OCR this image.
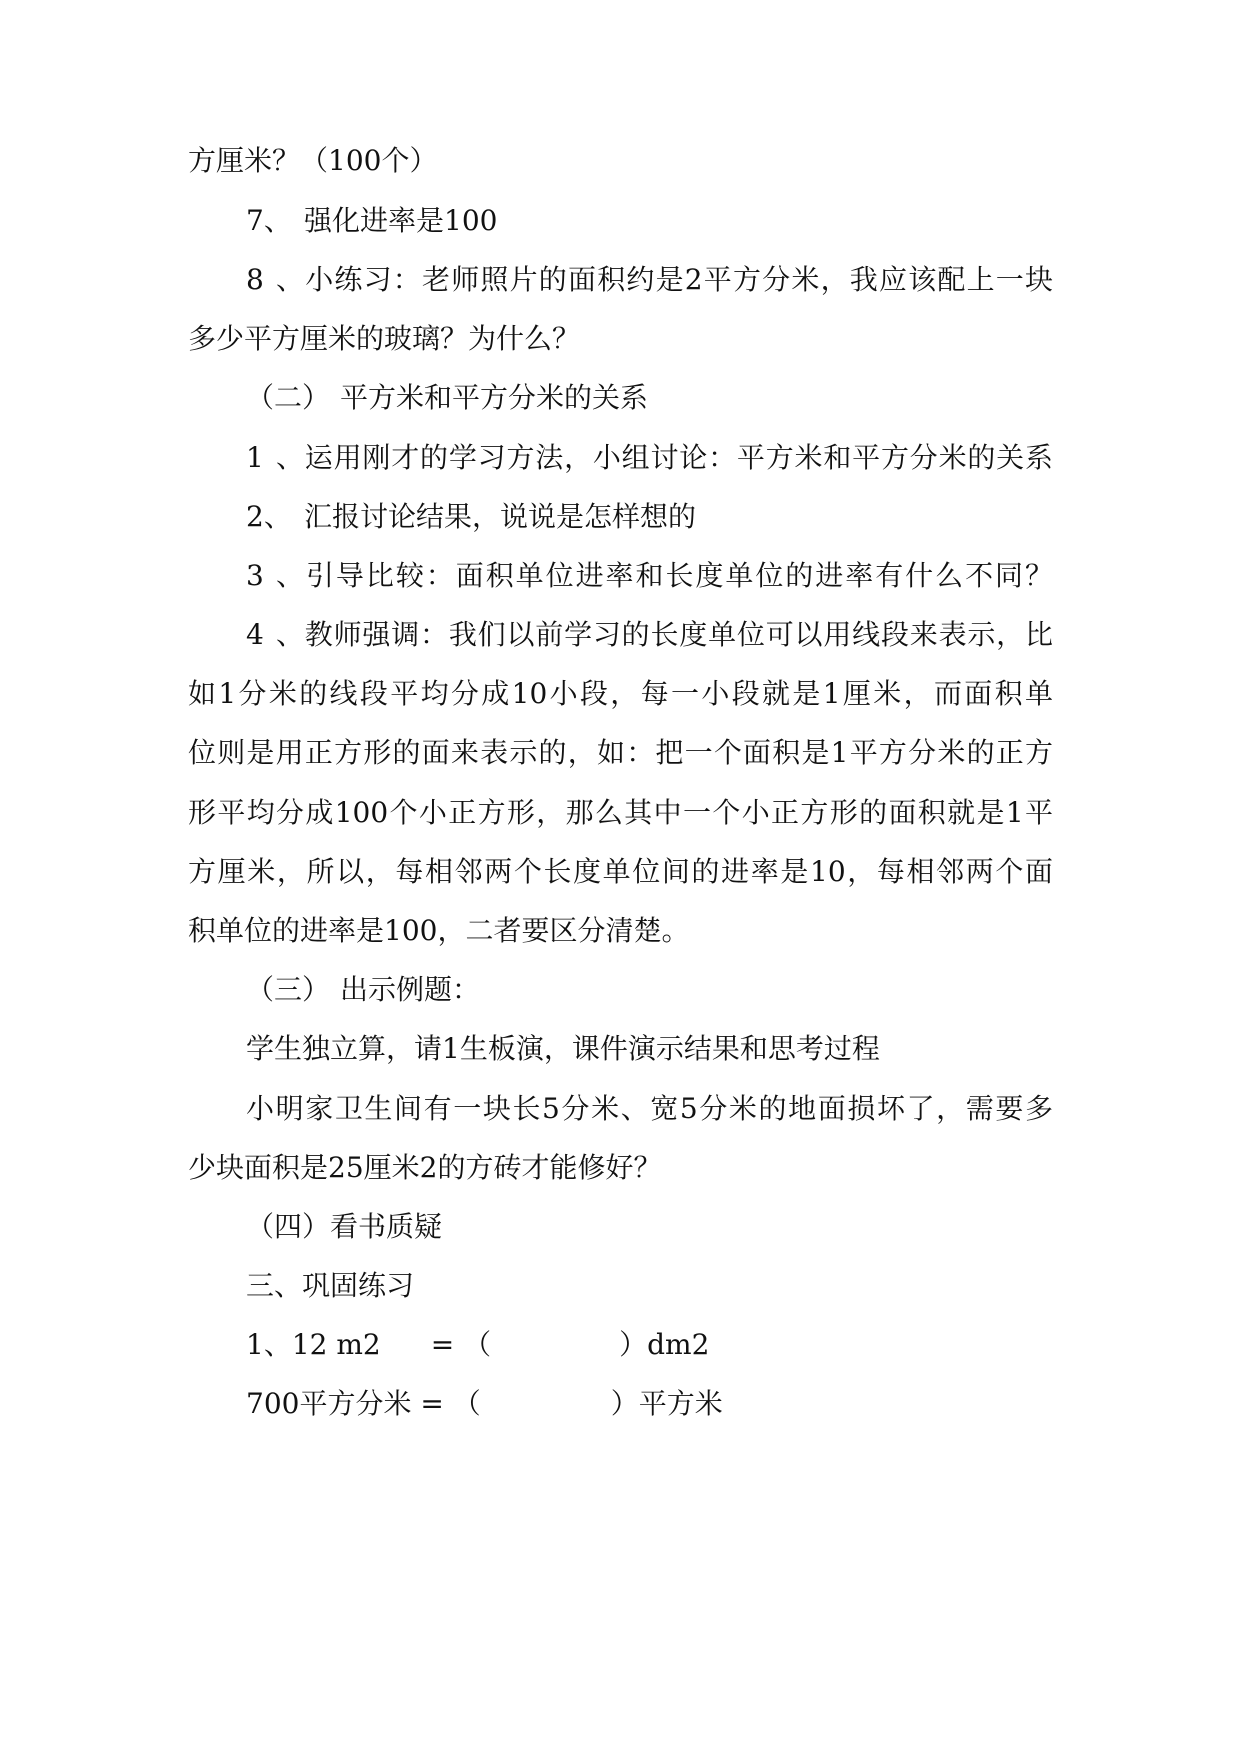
方厘米？（100个）
7、 强化进率是100
8、小练习：老师照片的面积约是2平方分米，我应该配上一块
多少平方厘米的玻璃？为什么？
（二） 平方米和平方分米的关系
1、运用刚才的学习方法，小组讨论：平方米和平方分米的关系
2、 汇报讨论结果，说说是怎样想的
3、引导比较：面积单位进率和长度单位的进率有什么不同？
4、教师强调：我们以前学习的长度单位可以用线段来表示，比
如1分米的线段平均分成10小段，每一小段就是1厘米，而面积单
位则是用正方形的面来表示的，如：把一个面积是1平方分米的正方
形平均分成100个小正方形，那么其中一个小正方形的面积就是1平
方厘米，所以，每相邻两个长度单位间的进率是10，每相邻两个面
积单位的进率是100，二者要区分清楚。
（三） 出示例题：
学生独立算，请1生板演，课件演示结果和思考过程
小明家卫生间有一块长5分米、宽5分米的地面损坏了，需要多
少块面积是25厘米2的方砖才能修好？
（四）看书质疑
三、巩固练习
1、12 m2 = （	）dm2
700平方分米 = （	）平方米
